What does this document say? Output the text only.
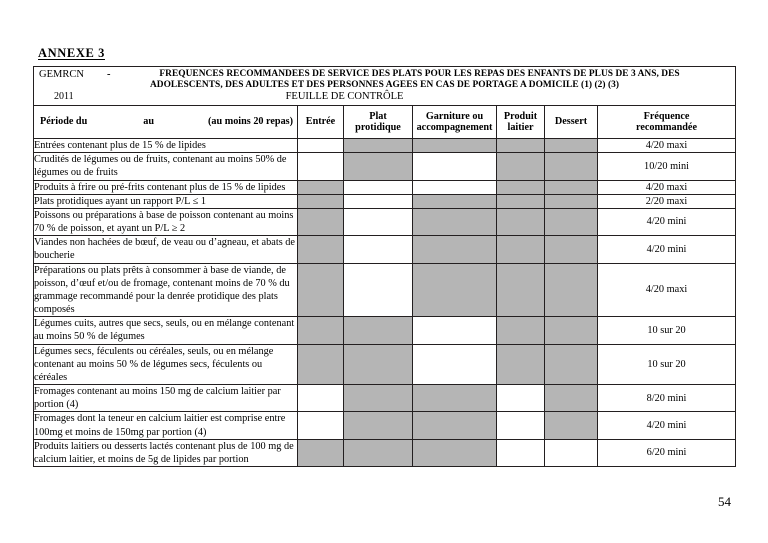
ANNEXE 3
GEMRCN -	FREQUENCES RECOMMANDEES DE SERVICE DES PLATS POUR LES REPAS DES ENFANTS DE PLUS DE 3 ANS, DES
ADOLESCENTS, DES ADULTES ET DES PERSONNES AGEES EN CAS DE PORTAGE A DOMICILE (1) (2) (3)
2011	FEUILLE DE CONTRÔLE

Période du au (au moins 20 repas)	Entrée	Plat
protidique	Garniture ou
accompagnement	Produit
laitier	Dessert	Fréquence
recommandée
Entrées contenant plus de 15 % de lipides						4/20 maxi
Crudités de légumes ou de fruits, contenant au moins 50% de légumes ou de fruits						10/20 mini
Produits à frire ou pré-frits contenant plus de 15 % de lipides						4/20 maxi
Plats protidiques ayant un rapport P/L ≤ 1						2/20 maxi
Poissons ou préparations à base de poisson contenant au moins 70 % de poisson, et ayant un P/L ≥ 2						4/20 mini
Viandes non hachées de bœuf, de veau ou d’agneau, et abats de boucherie						4/20 mini
Préparations ou plats prêts à consommer à base de viande, de poisson, d’œuf et/ou de fromage, contenant moins de 70 % du grammage recommandé pour la denrée protidique des plats composés						4/20 maxi
Légumes cuits, autres que secs, seuls, ou en mélange contenant au moins 50 % de légumes						10 sur 20
Légumes secs, féculents ou céréales, seuls, ou en mélange contenant au moins 50 % de légumes secs, féculents ou céréales						10 sur 20
Fromages contenant au moins 150 mg de calcium laitier par portion (4)						8/20 mini
Fromages dont la teneur en calcium laitier est comprise entre 100mg et moins de 150mg par portion (4)						4/20 mini
Produits laitiers ou desserts lactés contenant plus de 100 mg de calcium laitier, et moins de 5g de lipides par portion						6/20 mini
54
